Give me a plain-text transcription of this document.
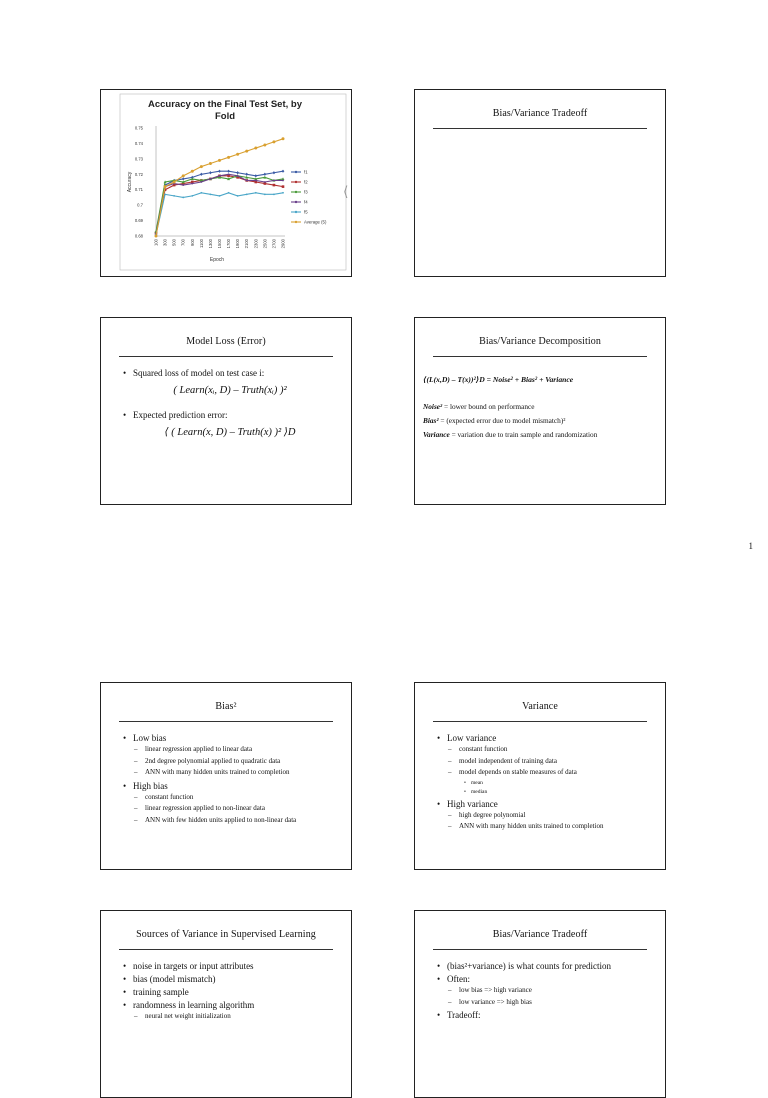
Accuracy on the Final Test Set, by
Fold
Accuracy
Epoch
0.68
0.69
0.7
0.71
0.72
0.73
0.74
0.75
100 300 500 700 900 1100 1300 1500 1700 1900 2100 2300 2500 2700 2900
f1
f2
f3
f4
f5
Average (5)
⟨
Bias/Variance Tradeoff
Model Loss (Error)
• Squared loss of model on test case i:
( Learn(xᵢ, D) – Truth(xᵢ) )²
• Expected prediction error:
⟨ ( Learn(x, D) – Truth(x) )² ⟩D
Bias/Variance Decomposition
⟨(L(x,D) – T(x))²⟩D = Noise² + Bias² + Variance
Noise² = lower bound on performance
Bias² = (expected error due to model mismatch)²
Variance = variation due to train sample and randomization
1
Bias²
• Low bias
– linear regression applied to linear data
– 2nd degree polynomial applied to quadratic data
– ANN with many hidden units trained to completion
• High bias
– constant function
– linear regression applied to non-linear data
– ANN with few hidden units applied to non-linear data
Variance
• Low variance
– constant function
– model independent of training data
– model depends on stable measures of data
• mean
• median
• High variance
– high degree polynomial
– ANN with many hidden units trained to completion
Sources of Variance in Supervised Learning
• noise in targets or input attributes
• bias (model mismatch)
• training sample
• randomness in learning algorithm
– neural net weight initialization
Bias/Variance Tradeoff
• (bias²+variance) is what counts for prediction
• Often:
– low bias => high variance
– low variance => high bias
• Tradeoff:
